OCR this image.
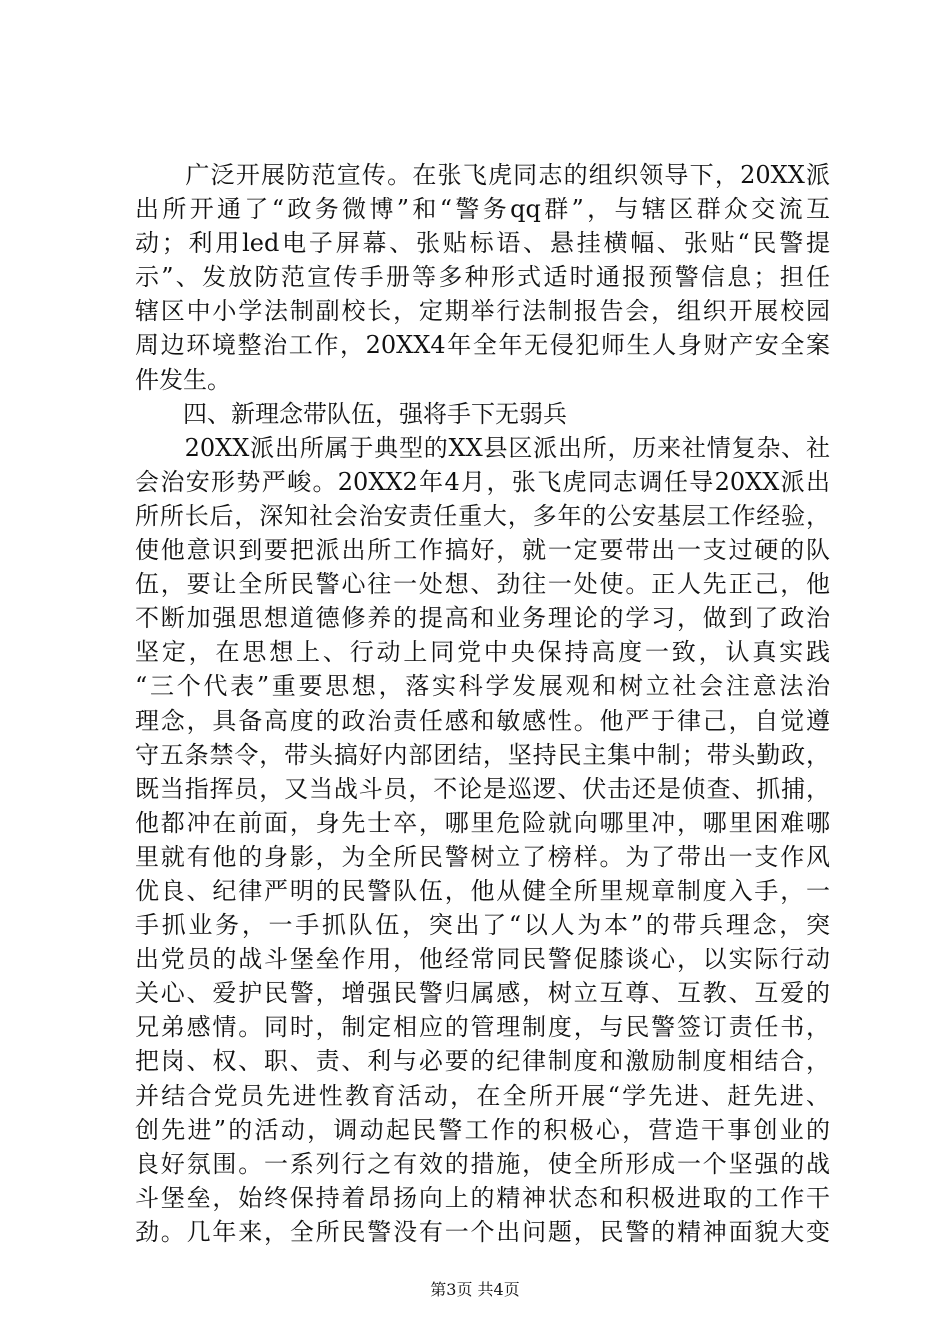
　　广泛开展防范宣传。在张飞虎同志的组织领导下，20XX派
出所开通了“政务微博”和“警务qq群”，与辖区群众交流互
动；利用led电子屏幕、张贴标语、悬挂横幅、张贴“民警提
示”、发放防范宣传手册等多种形式适时通报预警信息；担任
辖区中小学法制副校长，定期举行法制报告会，组织开展校园
周边环境整治工作，20XX4年全年无侵犯师生人身财产安全案
件发生。
　　四、新理念带队伍，强将手下无弱兵
　　20XX派出所属于典型的XX县区派出所，历来社情复杂、社
会治安形势严峻。20XX2年4月，张飞虎同志调任导20XX派出
所所长后，深知社会治安责任重大，多年的公安基层工作经验，
使他意识到要把派出所工作搞好，就一定要带出一支过硬的队
伍，要让全所民警心往一处想、劲往一处使。正人先正己，他
不断加强思想道德修养的提高和业务理论的学习，做到了政治
坚定，在思想上、行动上同党中央保持高度一致，认真实践
“三个代表”重要思想，落实科学发展观和树立社会注意法治
理念，具备高度的政治责任感和敏感性。他严于律己，自觉遵
守五条禁令，带头搞好内部团结，坚持民主集中制；带头勤政，
既当指挥员，又当战斗员，不论是巡逻、伏击还是侦查、抓捕，
他都冲在前面，身先士卒，哪里危险就向哪里冲，哪里困难哪
里就有他的身影，为全所民警树立了榜样。为了带出一支作风
优良、纪律严明的民警队伍，他从健全所里规章制度入手，一
手抓业务，一手抓队伍，突出了“以人为本”的带兵理念，突
出党员的战斗堡垒作用，他经常同民警促膝谈心，以实际行动
关心、爱护民警，增强民警归属感，树立互尊、互教、互爱的
兄弟感情。同时，制定相应的管理制度，与民警签订责任书，
把岗、权、职、责、利与必要的纪律制度和激励制度相结合，
并结合党员先进性教育活动，在全所开展“学先进、赶先进、
创先进”的活动，调动起民警工作的积极心，营造干事创业的
良好氛围。一系列行之有效的措施，使全所形成一个坚强的战
斗堡垒，始终保持着昂扬向上的精神状态和积极进取的工作干
劲。几年来，全所民警没有一个出问题，民警的精神面貌大变
第3页 共4页
